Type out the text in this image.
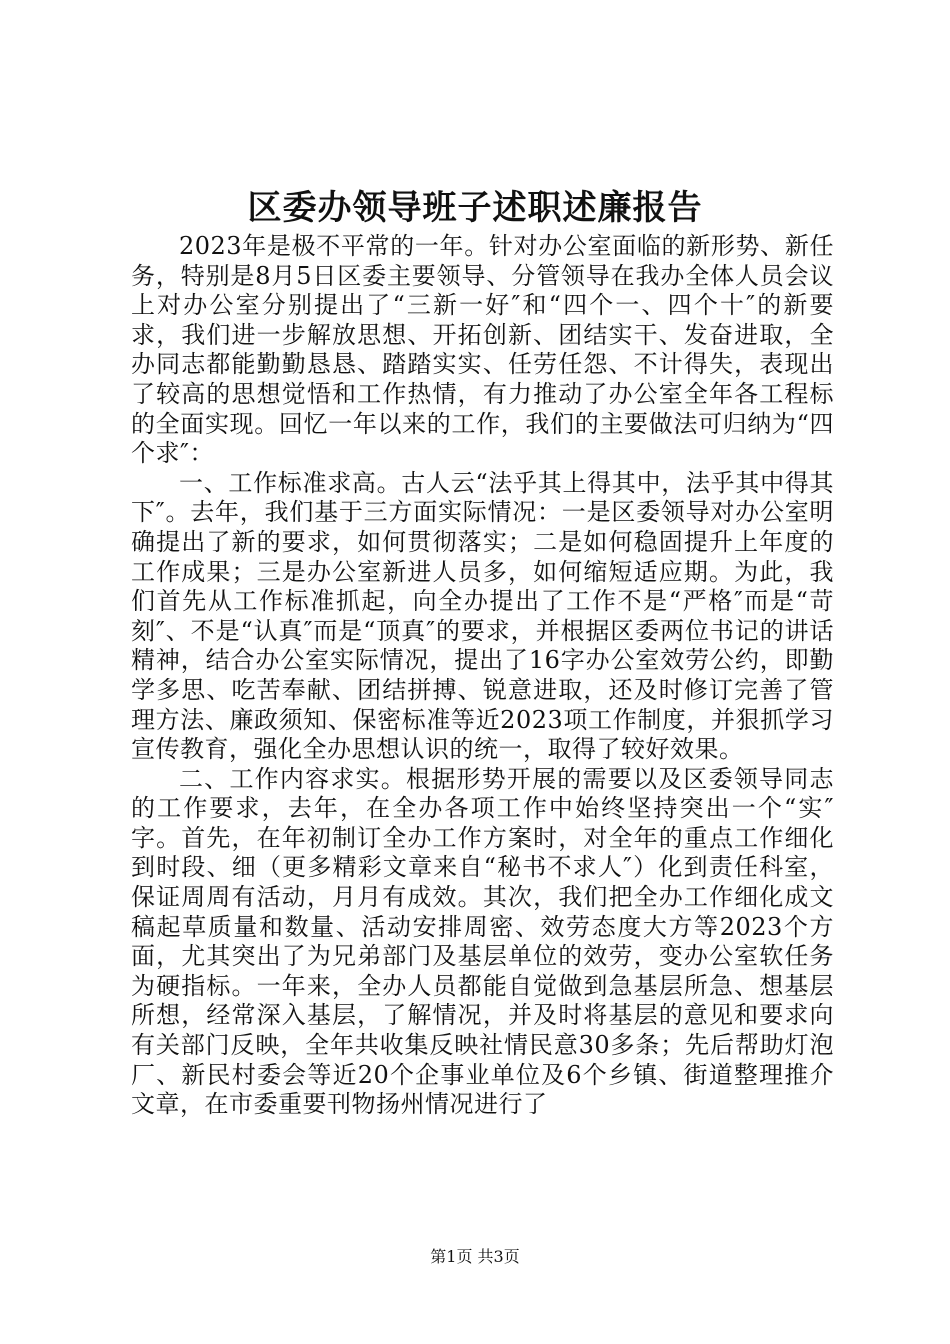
区委办领导班子述职述廉报告

2023年是极不平常的一年。针对办公室面临的新形势、新任务，特别是8月5日区委主要领导、分管领导在我办全体人员会议上对办公室分别提出了“三新一好″和“四个一、四个十″的新要求，我们进一步解放思想、开拓创新、团结实干、发奋进取，全办同志都能勤勤恳恳、踏踏实实、任劳任怨、不计得失，表现出了较高的思想觉悟和工作热情，有力推动了办公室全年各工程标的全面实现。回忆一年以来的工作，我们的主要做法可归纳为“四个求″：

一、工作标准求高。古人云“法乎其上得其中，法乎其中得其下″。去年，我们基于三方面实际情况：一是区委领导对办公室明确提出了新的要求，如何贯彻落实；二是如何稳固提升上年度的工作成果；三是办公室新进人员多，如何缩短适应期。为此，我们首先从工作标准抓起，向全办提出了工作不是“严格″而是“苛刻″、不是“认真″而是“顶真″的要求，并根据区委两位书记的讲话精神，结合办公室实际情况，提出了16字办公室效劳公约，即勤学多思、吃苦奉献、团结拼搏、锐意进取，还及时修订完善了管理方法、廉政须知、保密标准等近2023项工作制度，并狠抓学习宣传教育，强化全办思想认识的统一，取得了较好效果。

二、工作内容求实。根据形势开展的需要以及区委领导同志的工作要求，去年，在全办各项工作中始终坚持突出一个“实″字。首先，在年初制订全办工作方案时，对全年的重点工作细化到时段、细（更多精彩文章来自“秘书不求人″）化到责任科室，保证周周有活动，月月有成效。其次，我们把全办工作细化成文稿起草质量和数量、活动安排周密、效劳态度大方等2023个方面，尤其突出了为兄弟部门及基层单位的效劳，变办公室软任务为硬指标。一年来，全办人员都能自觉做到急基层所急、想基层所想，经常深入基层，了解情况，并及时将基层的意见和要求向有关部门反映，全年共收集反映社情民意30多条；先后帮助灯泡厂、新民村委会等近20个企事业单位及6个乡镇、街道整理推介文章，在市委重要刊物扬州情况进行了

第1页 共3页
